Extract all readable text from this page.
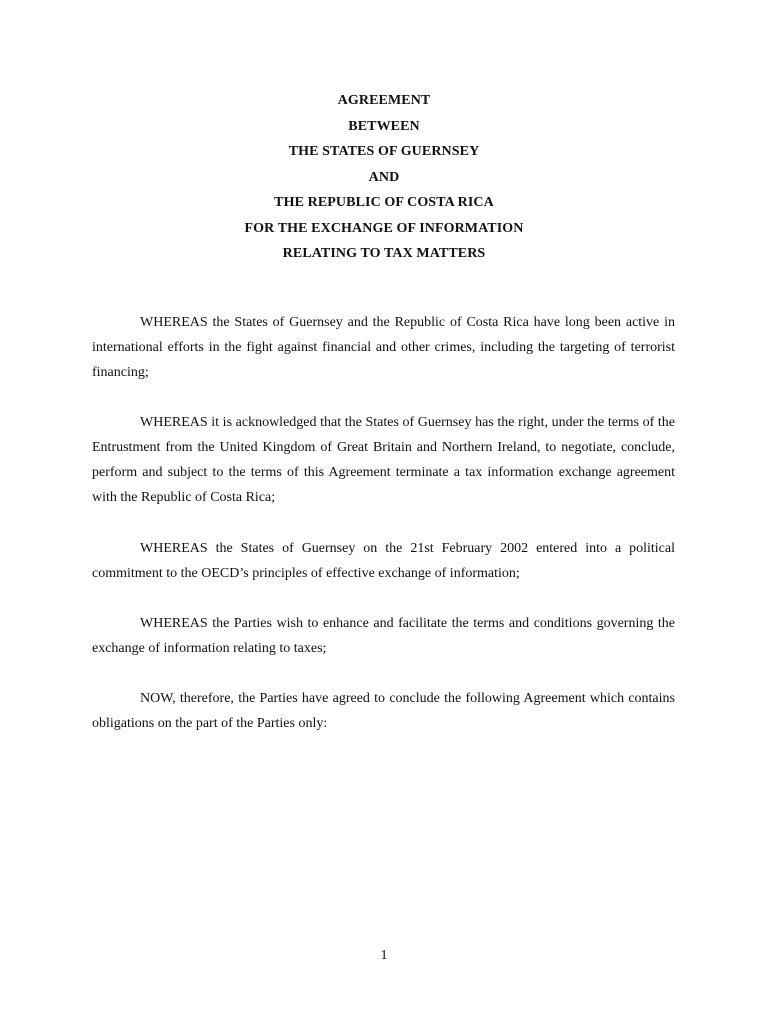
AGREEMENT
BETWEEN
THE STATES OF GUERNSEY
AND
THE REPUBLIC OF COSTA RICA
FOR THE EXCHANGE OF INFORMATION
RELATING TO TAX MATTERS

WHEREAS the States of Guernsey and the Republic of Costa Rica have long been active in international efforts in the fight against financial and other crimes, including the targeting of terrorist financing;

WHEREAS it is acknowledged that the States of Guernsey has the right, under the terms of the Entrustment from the United Kingdom of Great Britain and Northern Ireland, to negotiate, conclude, perform and subject to the terms of this Agreement terminate a tax information exchange agreement with the Republic of Costa Rica;

WHEREAS the States of Guernsey on the 21st February 2002 entered into a political commitment to the OECD’s principles of effective exchange of information;

WHEREAS the Parties wish to enhance and facilitate the terms and conditions governing the exchange of information relating to taxes;

NOW, therefore, the Parties have agreed to conclude the following Agreement which contains obligations on the part of the Parties only:

1
